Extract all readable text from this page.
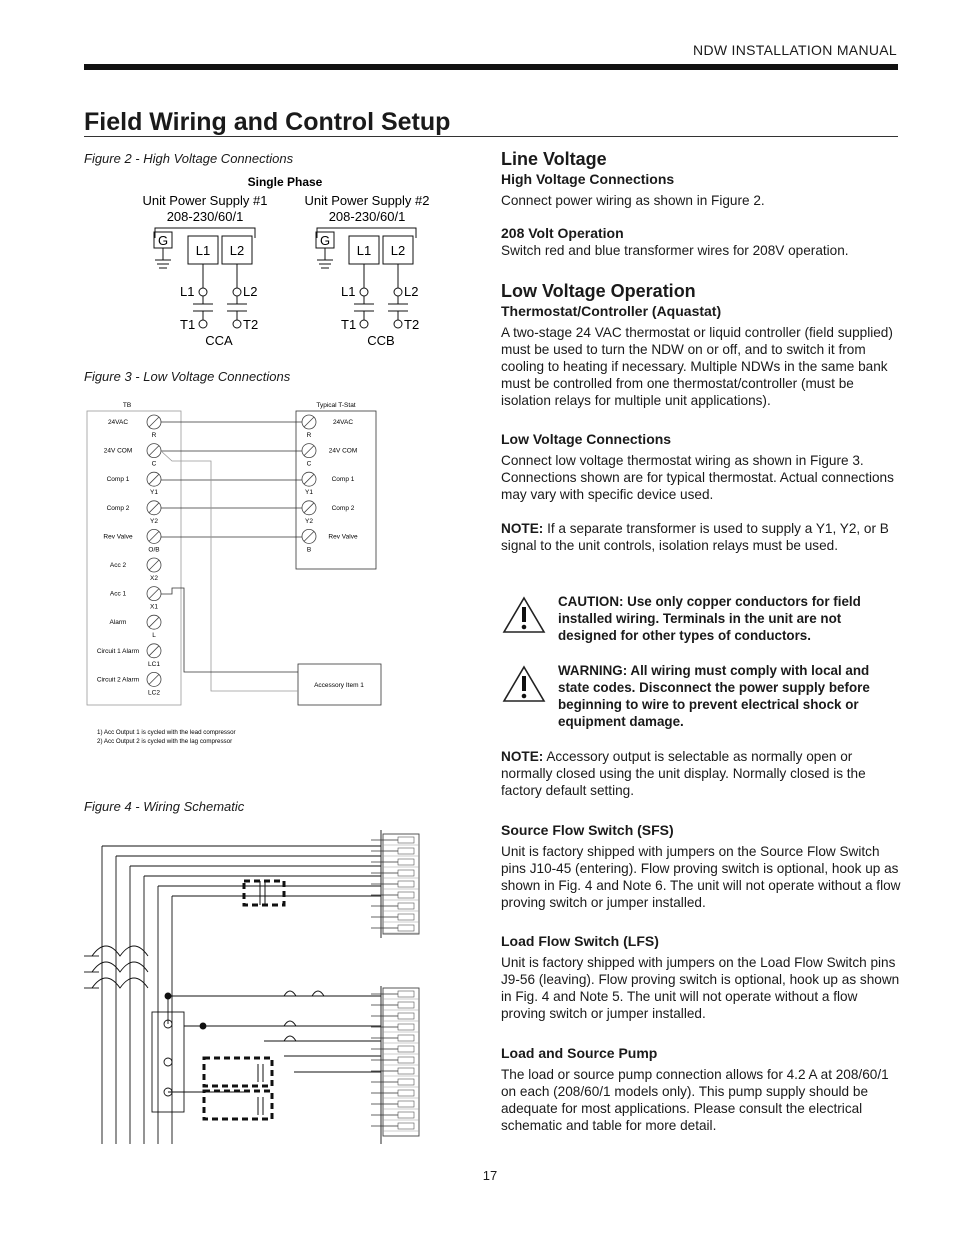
NDW INSTALLATION MANUAL
Field Wiring and Control Setup
Figure 2 - High Voltage Connections
Single Phase
Unit Power Supply #1
208-230/60/1
Unit Power Supply #2
208-230/60/1
G
L1 L2
L1	L2
T1	T2
CCA
G
L1 L2
L1	L2
T1	T2
CCB
Figure 3 - Low Voltage Connections
TB	Typical T-Stat
Accessory Item 1
24VAC
R
24V COM
C
Comp 1
Y1
Comp 2
Y2
Rev Valve
O/B
Acc 2
X2
Acc 1
X1
Alarm
L
Circuit 1 Alarm
LC1
Circuit 2 Alarm
LC2
R
24VAC
C
24V COM
Y1
Comp 1
Y2
Comp 2
B
Rev Valve
1) Acc Output 1 is cycled with the lead compressor
2) Acc Output 2 is cycled with the lag compressor
Figure 4 - Wiring Schematic
Line Voltage
High Voltage Connections

Connect power wiring as shown in Figure 2.

208 Volt Operation

Switch red and blue transformer wires for 208V operation.

Low Voltage Operation
Thermostat/Controller (Aquastat)

A two-stage 24 VAC thermostat or liquid controller (field supplied) must be used to turn the NDW on or off, and to switch it from cooling to heating if necessary. Multiple NDWs in the same bank must be controlled from one thermostat/controller (must be isolation relays for multiple unit applications).

Low Voltage Connections

Connect low voltage thermostat wiring as shown in Figure 3. Connections shown are for typical thermostat. Actual connections may vary with specific device used.

NOTE: If a separate transformer is used to supply a Y1, Y2, or B signal to the unit controls, isolation relays must be used.

CAUTION: Use only copper conductors for field installed wiring. Terminals in the unit are not designed for other types of conductors.
WARNING: All wiring must comply with local and state codes. Disconnect the power supply before beginning to wire to prevent electrical shock or equipment damage.

NOTE: Accessory output is selectable as normally open or normally closed using the unit display. Normally closed is the factory default setting.

Source Flow Switch (SFS)

Unit is factory shipped with jumpers on the Source Flow Switch pins J10-45 (entering). Flow proving switch is optional, hook up as shown in Fig. 4 and Note 6. The unit will not operate without a flow proving switch or jumper installed.

Load Flow Switch (LFS)

Unit is factory shipped with jumpers on the Load Flow Switch pins J9-56 (leaving). Flow proving switch is optional, hook up as shown in Fig. 4 and Note 5. The unit will not operate without a flow proving switch or jumper installed.

Load and Source Pump

The load or source pump connection allows for 4.2 A at 208/60/1 on each (208/60/1 models only). This pump supply should be adequate for most applications. Please consult the electrical schematic and table for more detail.

17
